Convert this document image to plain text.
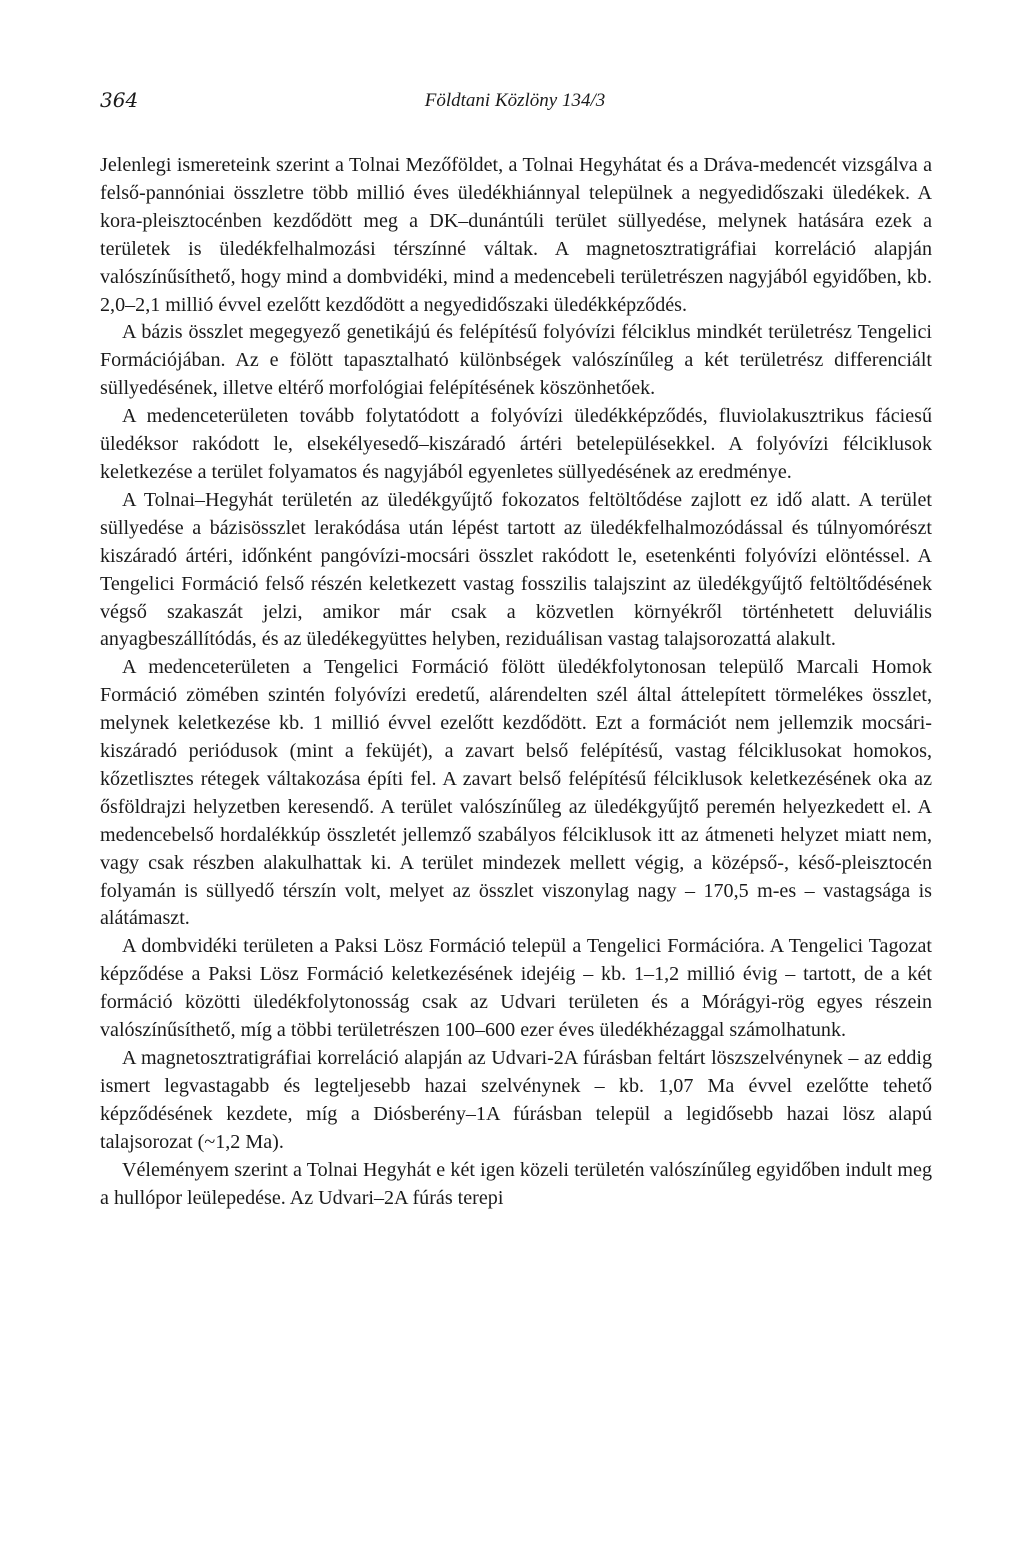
364	Földtani Közlöny 134/3

Jelenlegi ismereteink szerint a Tolnai Mezőföldet, a Tolnai Hegyhátat és a Dráva-medencét vizsgálva a felső-pannóniai összletre több millió éves üledékhiánnyal települnek a negyedidőszaki üledékek. A kora-pleisztocénben kezdődött meg a DK–dunántúli terület süllyedése, melynek hatására ezek a területek is üledékfelhalmozási térszínné váltak. A magnetosztratigráfiai korreláció alapján valószínűsíthető, hogy mind a dombvidéki, mind a medencebeli területrészen nagyjából egyidőben, kb. 2,0–2,1 millió évvel ezelőtt kezdődött a negyedidőszaki üledékképződés.

A bázis összlet megegyező genetikájú és felépítésű folyóvízi félciklus mindkét területrész Tengelici Formációjában. Az e fölött tapasztalható különbségek valószínűleg a két területrész differenciált süllyedésének, illetve eltérő morfológiai felépítésének köszönhetőek.

A medenceterületen tovább folytatódott a folyóvízi üledékképződés, fluviolakusztrikus fáciesű üledéksor rakódott le, elsekélyesedő–kiszáradó ártéri betelepülésekkel. A folyóvízi félciklusok keletkezése a terület folyamatos és nagyjából egyenletes süllyedésének az eredménye.

A Tolnai–Hegyhát területén az üledékgyűjtő fokozatos feltöltődése zajlott ez idő alatt. A terület süllyedése a bázisösszlet lerakódása után lépést tartott az üledékfelhalmozódással és túlnyomórészt kiszáradó ártéri, időnként pangóvízi-mocsári összlet rakódott le, esetenkénti folyóvízi elöntéssel. A Tengelici Formáció felső részén keletkezett vastag fosszilis talajszint az üledékgyűjtő feltöltődésének végső szakaszát jelzi, amikor már csak a közvetlen környékről történhetett deluviális anyagbeszállítódás, és az üledékegyüttes helyben, reziduálisan vastag talajsorozattá alakult.

A medenceterületen a Tengelici Formáció fölött üledékfolytonosan települő Marcali Homok Formáció zömében szintén folyóvízi eredetű, alárendelten szél által áttelepített törmelékes összlet, melynek keletkezése kb. 1 millió évvel ezelőtt kezdődött. Ezt a formációt nem jellemzik mocsári-kiszáradó periódusok (mint a feküjét), a zavart belső felépítésű, vastag félciklusokat homokos, kőzetlisztes rétegek váltakozása építi fel. A zavart belső felépítésű félciklusok keletkezésének oka az ősföldrajzi helyzetben keresendő. A terület valószínűleg az üledékgyűjtő peremén helyezkedett el. A medencebelső hordalékkúp összletét jellemző szabályos félciklusok itt az átmeneti helyzet miatt nem, vagy csak részben alakulhattak ki. A terület mindezek mellett végig, a középső-, késő-pleisztocén folyamán is süllyedő térszín volt, melyet az összlet viszonylag nagy – 170,5 m-es – vastagsága is alátámaszt.

A dombvidéki területen a Paksi Lösz Formáció települ a Tengelici Formációra. A Tengelici Tagozat képződése a Paksi Lösz Formáció keletkezésének idejéig – kb. 1–1,2 millió évig – tartott, de a két formáció közötti üledékfolytonosság csak az Udvari területen és a Mórágyi-rög egyes részein valószínűsíthető, míg a többi területrészen 100–600 ezer éves üledékhézaggal számolhatunk.

A magnetosztratigráfiai korreláció alapján az Udvari-2A fúrásban feltárt löszszelvénynek – az eddig ismert legvastagabb és legteljesebb hazai szelvénynek – kb. 1,07 Ma évvel ezelőtte tehető képződésének kezdete, míg a Diósberény–1A fúrásban települ a legidősebb hazai lösz alapú talajsorozat (~1,2 Ma).

Véleményem szerint a Tolnai Hegyhát e két igen közeli területén valószínűleg egyidőben indult meg a hullópor leülepedése. Az Udvari–2A fúrás terepi
